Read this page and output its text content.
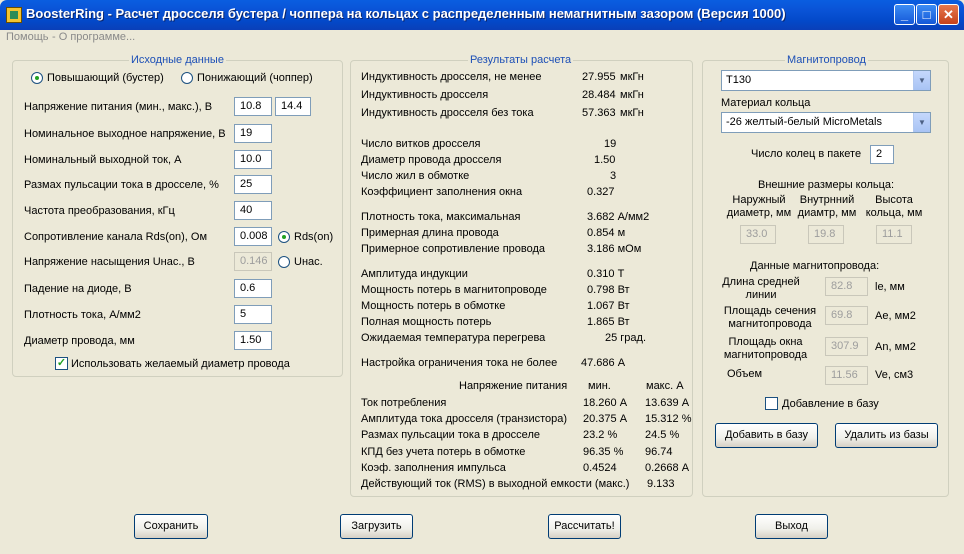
BoosterRing - Расчет дросселя бустера / чоппера на кольцах с распределенным немагнитным зазором (Версия 1000)	_	□ ✕
Помощь - О программе...
Исходные данные
Повышающий (бустер)	Понижающий (чоппер)
Напряжение питания (мин., макс.), В	10.8	14.4
Номинальное выходное напряжение, В	19
Номинальный выходной ток, А	10.0
Размах пульсации тока в дросселе, %	25
Частота преобразования, кГц	40
Сопротивление канала Rds(on), Ом	0.008	Rds(on)
Напряжение насыщения Uнас., В	0.146	Uнас.
Падение на диоде, В	0.6
Плотность тока, А/мм2	5
Диаметр провода, мм	1.50
✓ Использовать желаемый диаметр провода
Результаты расчета
Индуктивность дросселя, не менее	27.955 мкГн
Индуктивность дросселя	28.484 мкГн
Индуктивность дросселя без тока	57.363 мкГн
Число витков дросселя	19
Диаметр провода дросселя	1.50
Число жил в обмотке	3
Коэффициент заполнения окна	0.327
Плотность тока, максимальная	3.682 А/мм2
Примерная длина провода	0.854 м
Примерное сопротивление провода	3.186 мОм
Амплитуда индукции	0.310 Т
Мощность потерь в магнитопроводе	0.798 Вт
Мощность потерь в обмотке	1.067 Вт
Полная мощность потерь	1.865 Вт
Ожидаемая температура перегрева	25 град.
Настройка ограничения тока не более 47.686 А
Напряжение питания мин.	макс. А
Ток потребления	18.260 А 13.639 А
Амплитуда тока дросселя (транзистора) 20.375 А 15.312 %
Размах пульсации тока в дросселе	23.2 %	24.5 %
КПД без учета потерь в обмотке	96.35 % 96.74
Коэф. заполнения импульса	0.4524	0.2668 А
Действующий ток (RMS) в выходной емкости (макс.) 9.133
Магнитопровод
T130	▼
Материал кольца
-26 желтый-белый MicroMetals	▼
Число колец в пакете	2
Внешние размеры кольца:
Наружный диаметр, мм
Внутрнний диамтр, мм
Высота кольца, мм
33.0	19.8	11.1
Данные магнитопровода:
Длина средней линии
82.8	le, мм
Площадь сечения магнитопровода
69.8	Ae, мм2
Площадь окна магнитопровода
307.9	An, мм2
Объем	11.56	Ve, см3
Добавление в базу
Добавить в базу	Удалить из базы
Сохранить	Загрузить	Рассчитать!	Выход
